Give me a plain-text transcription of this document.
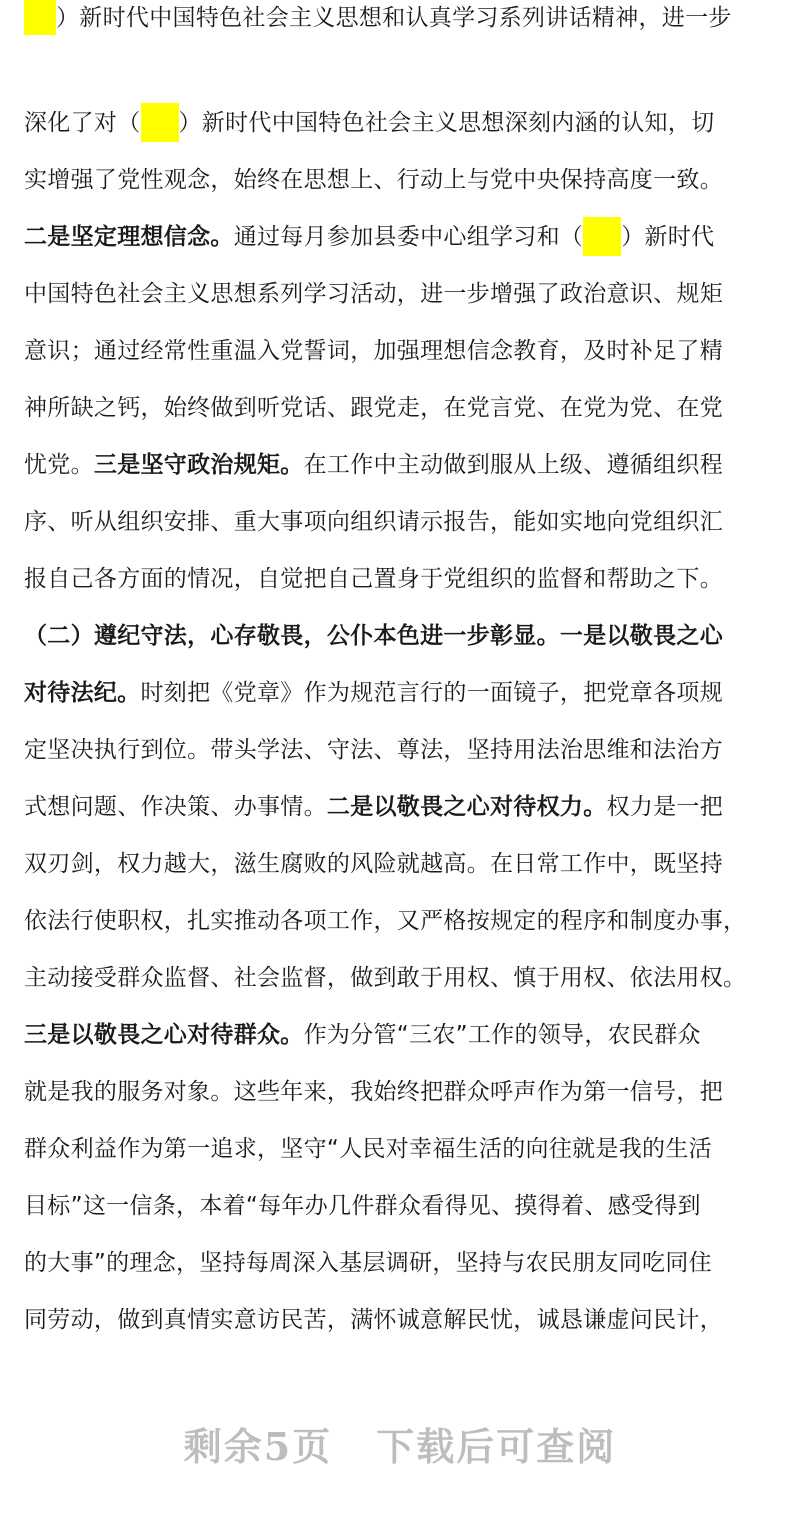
）新时代中国特色社会主义思想和认真学习系列讲话精神，进一步
深化了对（ ）新时代中国特色社会主义思想深刻内涵的认知，切
实增强了党性观念，始终在思想上、行动上与党中央保持高度一致。
二是坚定理想信念。通过每月参加县委中心组学习和（ ）新时代
中国特色社会主义思想系列学习活动，进一步增强了政治意识、规矩
意识；通过经常性重温入党誓词，加强理想信念教育，及时补足了精
神所缺之钙，始终做到听党话、跟党走，在党言党、在党为党、在党
忧党。三是坚守政治规矩。在工作中主动做到服从上级、遵循组织程
序、听从组织安排、重大事项向组织请示报告，能如实地向党组织汇
报自己各方面的情况，自觉把自己置身于党组织的监督和帮助之下。
（二）遵纪守法，心存敬畏，公仆本色进一步彰显。一是以敬畏之心
对待法纪。时刻把《党章》作为规范言行的一面镜子，把党章各项规
定坚决执行到位。带头学法、守法、尊法，坚持用法治思维和法治方
式想问题、作决策、办事情。二是以敬畏之心对待权力。权力是一把
双刃剑，权力越大，滋生腐败的风险就越高。在日常工作中，既坚持
依法行使职权，扎实推动各项工作，又严格按规定的程序和制度办事，
主动接受群众监督、社会监督，做到敢于用权、慎于用权、依法用权。
三是以敬畏之心对待群众。作为分管“三农”工作的领导，农民群众
就是我的服务对象。这些年来，我始终把群众呼声作为第一信号，把
群众利益作为第一追求，坚守“人民对幸福生活的向往就是我的生活
目标”这一信条，本着“每年办几件群众看得见、摸得着、感受得到
的大事”的理念，坚持每周深入基层调研，坚持与农民朋友同吃同住
同劳动，做到真情实意访民苦，满怀诚意解民忧，诚恳谦虚问民计，
剩余5页 下载后可查阅
